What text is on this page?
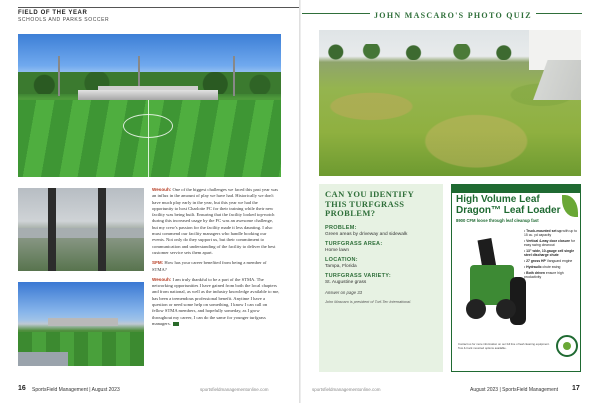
FIELD OF THE YEAR
SCHOOLS AND PARKS SOCCER

Wesouh: One of the biggest challenges we faced this past year was an influx in the amount of play we have had. Historically we don't have much play early in the year, but this year we had the opportunity to host Charlotte FC for their training while their new facility was being built. Ensuring that the facility looked top-notch during this increased usage by the FC was an awesome challenge, but my crew's passion for the facility made it less daunting. I also must commend our facility managers who handle booking our events. Not only do they support us, but their commitment to communication and understanding of the facility to deliver the best customer service sets them apart.

SFM: How has your career benefited from being a member of STMA?

Wesouh: I am truly thankful to be a part of the STMA. The networking opportunities I have gained from both the local chapters and from national, as well as the industry knowledge available to me, has been a tremendous professional benefit. Anytime I have a question or need some help on something, I know I can call on fellow STMA members, and hopefully someday, as I grow throughout my career, I can do the same for younger turfgrass managers.

16 SportsField Management | August 2023	sportsfieldmanagementonline.com
JOHN MASCARO'S PHOTO QUIZ
CAN YOU IDENTIFY THIS TURFGRASS PROBLEM?
PROBLEM:
Green areas by driveway and sidewalk
TURFGRASS AREA:
Home lawn
LOCATION:
Tampa, Florida
TURFGRASS VARIETY:
St. Augustine grass
Answer on page 33
John Mascaro is president of Turf-Tec International.
High Volume Leaf
Dragon™ Leaf Loader
8900 CFM loose through leaf cleanup fast
• Truck-mounted set up with up to 15 cu. yd capacity
• Vertical 4-way door closure for easy swing cleanout
• 13" wide, 10-gauge cell single steel discharge chute
• 27 gross HP Vanguard engine
• Hydraulic chute swing
• Both driven ensure high productivity
Contact us for more information on our full line of leaf cleaning equipment. Tow & truck mounted options available.
sportsfieldmanagementonline.com	August 2023 | SportsField Management 17
